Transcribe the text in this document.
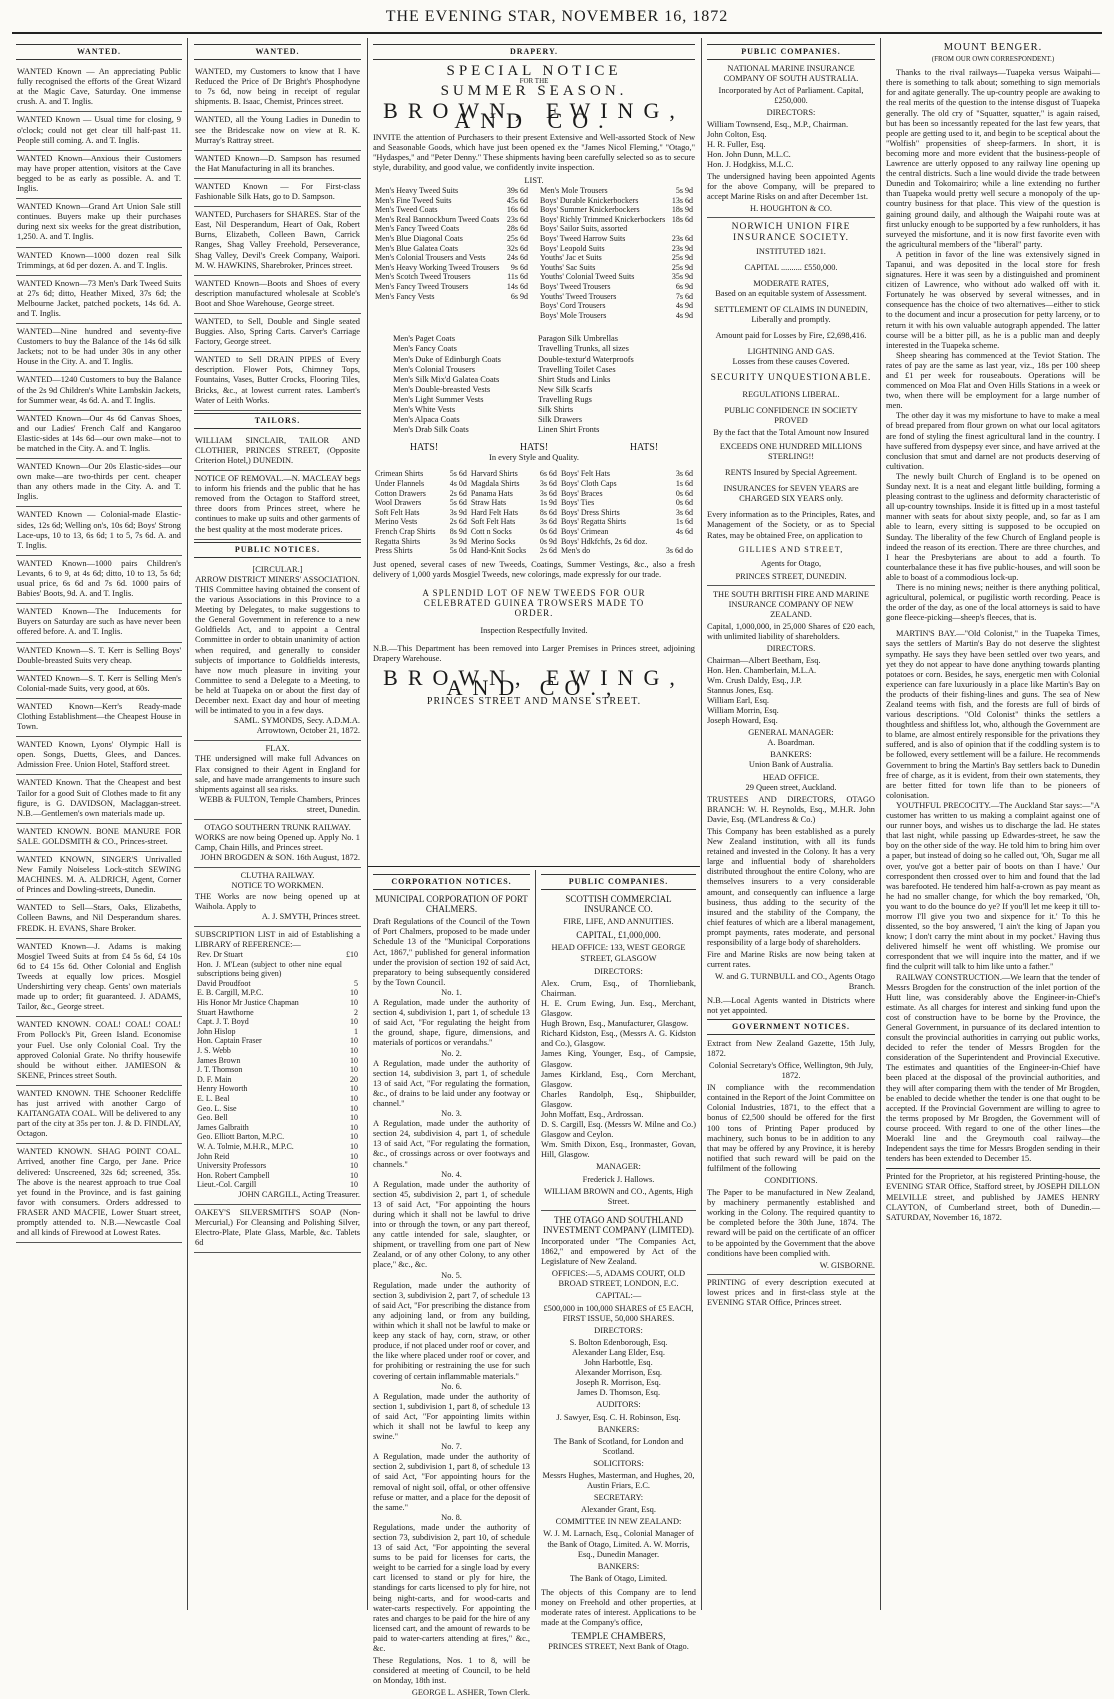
THE EVENING STAR, NOVEMBER 16, 1872
WANTED.

WANTED Known — An appreciating Public fully recognised the efforts of the Great Wizard at the Magic Cave, Saturday. One immense crush. A. and T. Inglis.

WANTED Known — Usual time for closing, 9 o'clock; could not get clear till half-past 11. People still coming. A. and T. Inglis.

WANTED Known—Anxious their Customers may have proper attention, visitors at the Cave begged to be as early as possible. A. and T. Inglis.

WANTED Known—Grand Art Union Sale still continues. Buyers make up their purchases during next six weeks for the great distribution, 1,250. A. and T. Inglis.

WANTED Known—1000 dozen real Silk Trimmings, at 6d per dozen. A. and T. Inglis.

WANTED Known—73 Men's Dark Tweed Suits at 27s 6d; ditto, Heather Mixed, 37s 6d; the Melbourne Jacket, patched pockets, 14s 6d. A. and T. Inglis.

WANTED—Nine hundred and seventy-five Customers to buy the Balance of the 14s 6d silk Jackets; not to be had under 30s in any other House in the City. A. and T. Inglis.

WANTED—1240 Customers to buy the Balance of the 2s 9d Children's White Lambskin Jackets, for Summer wear, 4s 6d. A. and T. Inglis.

WANTED Known—Our 4s 6d Canvas Shoes, and our Ladies' French Calf and Kangaroo Elastic-sides at 14s 6d—our own make—not to be matched in the City. A. and T. Inglis.

WANTED Known—Our 20s Elastic-sides—our own make—are two-thirds per cent. cheaper than any others made in the City. A. and T. Inglis.

WANTED Known — Colonial-made Elastic-sides, 12s 6d; Welling on's, 10s 6d; Boys' Strong Lace-ups, 10 to 13, 6s 6d; 1 to 5, 7s 6d. A. and T. Inglis.

WANTED Known—1000 pairs Children's Levants, 6 to 9, at 4s 6d; ditto, 10 to 13, 5s 6d; usual price, 6s 6d and 7s 6d. 1000 pairs of Babies' Boots, 9d. A. and T. Inglis.

WANTED Known—The Inducements for Buyers on Saturday are such as have never been offered before. A. and T. Inglis.

WANTED Known—S. T. Kerr is Selling Boys' Double-breasted Suits very cheap.

WANTED Known—S. T. Kerr is Selling Men's Colonial-made Suits, very good, at 60s.

WANTED Known—Kerr's Ready-made Clothing Establishment—the Cheapest House in Town.

WANTED Known, Lyons' Olympic Hall is open. Songs, Duetts, Glees, and Dances. Admission Free. Union Hotel, Stafford street.

WANTED Known. That the Cheapest and best Tailor for a good Suit of Clothes made to fit any figure, is G. DAVIDSON, Maclaggan-street. N.B.—Gentlemen's own materials made up.

WANTED KNOWN. BONE MANURE FOR SALE. GOLDSMITH & CO., Princes-street.

WANTED KNOWN, SINGER'S Unrivalled New Family Noiseless Lock-stitch SEWING MACHINES. M. A. ALDRICH, Agent, Corner of Princes and Dowling-streets, Dunedin.

WANTED to Sell—Stars, Oaks, Elizabeths, Colleen Bawns, and Nil Desperandum shares. FREDK. H. EVANS, Share Broker.

WANTED Known—J. Adams is making Mosgiel Tweed Suits at from £4 5s 6d, £4 10s 6d to £4 15s 6d. Other Colonial and English Tweeds at equally low prices. Mosgiel Undershirting very cheap. Gents' own materials made up to order; fit guaranteed. J. ADAMS, Tailor, &c., George street.

WANTED KNOWN. COAL! COAL! COAL! From Pollock's Pit, Green Island. Economise your Fuel. Use only Colonial Coal. Try the approved Colonial Grate. No thrifty housewife should be without either. JAMIESON & SKENE, Princes street South.

WANTED KNOWN. THE Schooner Redcliffe has just arrived with another Cargo of KAITANGATA COAL. Will be delivered to any part of the city at 35s per ton. J. & D. FINDLAY, Octagon.

WANTED KNOWN. SHAG POINT COAL. Arrived, another fine Cargo, per Jane. Price delivered: Unscreened, 32s 6d; screened, 35s. The above is the nearest approach to true Coal yet found in the Province, and is fast gaining favor with consumers. Orders addressed to FRASER AND MACFIE, Lower Stuart street, promptly attended to. N.B.—Newcastle Coal and all kinds of Firewood at Lowest Rates.

WANTED.

WANTED, my Customers to know that I have Reduced the Price of Dr Bright's Phosphodyne to 7s 6d, now being in receipt of regular shipments. B. Isaac, Chemist, Princes street.

WANTED, all the Young Ladies in Dunedin to see the Bridescake now on view at R. K. Murray's Rattray street.

WANTED Known—D. Sampson has resumed the Hat Manufacturing in all its branches.

WANTED Known — For First-class Fashionable Silk Hats, go to D. Sampson.

WANTED, Purchasers for SHARES. Star of the East, Nil Desperandum, Heart of Oak, Robert Burns, Elizabeth, Colleen Bawn, Carrick Ranges, Shag Valley Freehold, Perseverance, Shag Valley, Devil's Creek Company, Waipori. M. W. HAWKINS, Sharebroker, Princes street.

WANTED Known—Boots and Shoes of every description manufactured wholesale at Scoble's Boot and Shoe Warehouse, George street.

WANTED, to Sell, Double and Single seated Buggies. Also, Spring Carts. Carver's Carriage Factory, George street.

WANTED to Sell DRAIN PIPES of Every description. Flower Pots, Chimney Tops, Fountains, Vases, Butter Crocks, Flooring Tiles, Bricks, &c., at lowest current rates. Lambert's Water of Leith Works.

TAILORS.

WILLIAM SINCLAIR, TAILOR AND CLOTHIER, PRINCES STREET, (Opposite Criterion Hotel,) DUNEDIN.

NOTICE OF REMOVAL.—N. MACLEAY begs to inform his friends and the public that he has removed from the Octagon to Stafford street, three doors from Princes street, where he continues to make up suits and other garments of the best quality at the most moderate prices.

PUBLIC NOTICES.

[CIRCULAR.]

ARROW DISTRICT MINERS' ASSOCIATION.

THIS Committee having obtained the consent of the various Associations in this Province to a Meeting by Delegates, to make suggestions to the General Government in reference to a new Goldfields Act, and to appoint a Central Committee in order to obtain unanimity of action when required, and generally to consider subjects of importance to Goldfields interests, have now much pleasure in inviting your Committee to send a Delegate to a Meeting, to be held at Tuapeka on or about the first day of December next. Exact day and hour of meeting will be intimated to you in a few days.

SAML. SYMONDS, Secy. A.D.M.A. Arrowtown, October 21, 1872.

FLAX.

THE undersigned will make full Advances on Flax consigned to their Agent in England for sale, and have made arrangements to insure such shipments against all sea risks.

WEBB & FULTON, Temple Chambers, Princes street, Dunedin.

OTAGO SOUTHERN TRUNK RAILWAY.

WORKS are now being Opened up. Apply No. 1 Camp, Chain Hills, and Princes street.

JOHN BROGDEN & SON. 16th August, 1872.

CLUTHA RAILWAY.

NOTICE TO WORKMEN.

THE Works are now being opened up at Waihola. Apply to

A. J. SMYTH, Princes street.

SUBSCRIPTION LIST in aid of Establishing a LIBRARY of REFERENCE:—

Rev. Dr Stuart	£10
Hon. J. M'Lean (subject to other nine equal subscriptions being given)	
David Proudfoot	5
E. B. Cargill, M.P.C.	10
His Honor Mr Justice Chapman	10
Stuart Hawthorne	2
Capt. J. T. Boyd	10
John Hislop	1
Hon. Captain Fraser	10
J. S. Webb	10
James Brown	10
J. T. Thomson	10
D. F. Main	20
Henry Howorth	10
E. L. Beal	10
Geo. L. Sise	10
Geo. Bell	10
James Galbraith	10
Geo. Elliott Barton, M.P.C.	10
W. A. Tolmie, M.H.R., M.P.C.	10
John Reid	10
University Professors	10
Hon. Robert Campbell	10
Lieut.-Col. Cargill	10

JOHN CARGILL, Acting Treasurer.

OAKEY'S SILVERSMITH'S SOAP (Non-Mercurial,) For Cleansing and Polishing Silver, Electro-Plate, Plate Glass, Marble, &c. Tablets 6d

DRAPERY.
SPECIAL NOTICE
FOR THE
SUMMER SEASON.
BROWN, EWING, AND CO.

INVITE the attention of Purchasers to their present Extensive and Well-assorted Stock of New and Seasonable Goods, which have just been opened ex the "James Nicol Fleming," "Otago," "Hydaspes," and "Peter Denny." These shipments having been carefully selected so as to secure style, durability, and good value, we confidently invite inspection.

LIST.
Men's Heavy Tweed Suits	39s 6d
Men's Fine Tweed Suits	45s 6d
Men's Tweed Coats	16s 6d
Men's Real Bannockburn Tweed Coats	23s 6d
Men's Fancy Tweed Coats	28s 6d
Men's Blue Diagonal Coats	25s 6d
Men's Blue Galatea Coats	32s 6d
Men's Colonial Trousers and Vests	24s 6d
Men's Heavy Working Tweed Trousers	9s 6d
Men's Scotch Tweed Trousers	11s 6d
Men's Fancy Tweed Trousers	14s 6d
Men's Fancy Vests	6s 9d
Men's Mole Trousers	5s 9d
Boys' Durable Knickerbockers	13s 6d
Boys' Summer Knickerbockers	18s 9d
Boys' Richly Trimmed Knickerbockers	18s 6d
Boys' Sailor Suits, assorted	
Boys' Tweed Harrow Suits	23s 6d
Boys' Leopold Suits	23s 9d
Youths' Jac et Suits	25s 9d
Youths' Sac Suits	25s 9d
Youths' Colonial Tweed Suits	35s 9d
Boys' Tweed Trousers	6s 9d
Youths' Tweed Trousers	7s 6d
Boys' Cord Trousers	4s 9d
Boys' Mole Trousers	4s 9d
Men's Paget Coats
Men's Fancy Coats
Men's Duke of Edinburgh Coats
Men's Colonial Trousers
Men's Silk Mix'd Galatea Coats
Men's Double-breasted Vests
Men's Light Summer Vests
Men's White Vests
Men's Alpaca Coats
Men's Drab Silk Coats
Paragon Silk Umbrellas
Travelling Trunks, all sizes
Double-textur'd Waterproofs
Travelling Toilet Cases
Shirt Studs and Links
New Silk Scarfs
Travelling Rugs
Silk Shirts
Silk Drawers
Linen Shirt Fronts
HATS!	HATS!	HATS!
In every Style and Quality.
Crimean Shirts	5s 6d	Harvard Shirts	6s 6d	Boys' Felt Hats	3s 6d
Under Flannels	4s 0d	Magdala Shirts	3s 6d	Boys' Cloth Caps	1s 6d
Cotton Drawers	2s 6d	Panama Hats	3s 6d	Boys' Braces	0s 6d
Wool Drawers	5s 6d	Straw Hats	1s 9d	Boys' Ties	0s 6d
Soft Felt Hats	3s 9d	Hard Felt Hats	8s 6d	Boys' Dress Shirts	3s 6d
Merino Vests	2s 6d	Soft Felt Hats	3s 6d	Boys' Regatta Shirts	1s 6d
French Crap Shirts	8s 9d	Cott n Socks	0s 6d	Boys' Crimean	4s 6d
Regatta Shirts	3s 9d	Merino Socks	0s 9d	Boys' Hdkfchfs, 2s 6d doz.	
Press Shirts	5s 0d	Hand-Knit Socks	2s 6d	Men's do	3s 6d do

Just opened, several cases of new Tweeds, Coatings, Summer Vestings, &c., also a fresh delivery of 1,000 yards Mosgiel Tweeds, new colorings, made expressly for our trade.

A SPLENDID LOT OF NEW TWEEDS FOR OUR CELEBRATED GUINEA TROWSERS MADE TO ORDER.

Inspection Respectfully Invited.

N.B.—This Department has been removed into Larger Premises in Princes street, adjoining Drapery Warehouse.

BROWN, EWING, AND CO.,
PRINCES STREET AND MANSE STREET.
CORPORATION NOTICES.

MUNICIPAL CORPORATION OF PORT CHALMERS.

Draft Regulations of the Council of the Town of Port Chalmers, proposed to be made under Schedule 13 of the "Municipal Corporations Act, 1867," published for general information under the provision of section 192 of said Act, preparatory to being subsequently considered by the Town Council.

No. 1.

A Regulation, made under the authority of section 4, subdivision 1, part 1, of schedule 13 of said Act, "For regulating the height from the ground, shape, figure, dimensions, and materials of porticos or verandahs."

No. 2.

A Regulation, made under the authority of section 14, subdivision 3, part 1, of schedule 13 of said Act, "For regulating the formation, &c., of drains to be laid under any footway or channel."

No. 3.

A Regulation, made under the authority of section 24, subdivision 4, part 1, of schedule 13 of said Act, "For regulating the formation, &c., of crossings across or over footways and channels."

No. 4.

A Regulation, made under the authority of section 45, subdivision 2, part 1, of schedule 13 of said Act, "For appointing the hours during which it shall not be lawful to drive into or through the town, or any part thereof, any cattle intended for sale, slaughter, or shipment, or travelling from one part of New Zealand, or of any other Colony, to any other place," &c., &c.

No. 5.

Regulation, made under the authority of section 3, subdivision 2, part 7, of schedule 13 of said Act, "For prescribing the distance from any adjoining land, or from any building, within which it shall not be lawful to make or keep any stack of hay, corn, straw, or other produce, if not placed under roof or cover, and the like where placed under roof or cover, and for prohibiting or restraining the use for such covering of certain inflammable materials."

No. 6.

A Regulation, made under the authority of section 1, subdivision 1, part 8, of schedule 13 of said Act, "For appointing limits within which it shall not be lawful to keep any swine."

No. 7.

A Regulation, made under the authority of section 2, subdivision 1, part 8, of schedule 13 of said Act, "For appointing hours for the removal of night soil, offal, or other offensive refuse or matter, and a place for the deposit of the same."

No. 8.

Regulations, made under the authority of section 73, subdivision 2, part 10, of schedule 13 of said Act, "For appointing the several sums to be paid for licenses for carts, the weight to be carried for a single load by every cart licensed to stand or ply for hire, the standings for carts licensed to ply for hire, not being night-carts, and for wood-carts and water-carts respectively. For appointing the rates and charges to be paid for the hire of any licensed cart, and the amount of rewards to be paid to water-carters attending at fires," &c., &c.

These Regulations, Nos. 1 to 8, will be considered at meeting of Council, to be held on Monday, 18th inst.

GEORGE L. ASHER, Town Clerk.

PUBLIC COMPANIES.

SCOTTISH COMMERCIAL INSURANCE CO.

FIRE, LIFE, AND ANNUITIES.

CAPITAL, £1,000,000.

HEAD OFFICE: 133, WEST GEORGE STREET, GLASGOW

DIRECTORS:

Alex. Crum, Esq., of Thornliebank, Chairman.
H. E. Crum Ewing, Jun. Esq., Merchant, Glasgow.
Hugh Brown, Esq., Manufacturer, Glasgow.
Richard Kidston, Esq., (Messrs A. G. Kidston and Co.), Glasgow.
James King, Younger, Esq., of Campsie, Glasgow.
James Kirkland, Esq., Corn Merchant, Glasgow.
Charles Randolph, Esq., Shipbuilder, Glasgow.
John Moffatt, Esq., Ardrossan.
D. S. Cargill, Esq. (Messrs W. Milne and Co.) Glasgow and Ceylon.
Wm. Smith Dixon, Esq., Ironmaster, Govan, Hill, Glasgow.

MANAGER:

Frederick J. Hallows.

WILLIAM BROWN and CO., Agents, High Street.

THE OTAGO AND SOUTHLAND INVESTMENT COMPANY (LIMITED).

Incorporated under "The Companies Act, 1862," and empowered by Act of the Legislature of New Zealand.

OFFICES:—5, ADAMS COURT, OLD BROAD STREET, LONDON, E.C.

CAPITAL:—

£500,000 in 100,000 SHARES of £5 EACH, FIRST ISSUE, 50,000 SHARES.

DIRECTORS:

S. Bolton Edenborough, Esq.
Alexander Lang Elder, Esq.
John Harbottle, Esq.
Alexander Morrison, Esq.
Joseph R. Morrison, Esq.
James D. Thomson, Esq.

AUDITORS:

J. Sawyer, Esq. C. H. Robinson, Esq.

BANKERS:

The Bank of Scotland, for London and Scotland.

SOLICITORS:

Messrs Hughes, Masterman, and Hughes, 20, Austin Friars, E.C.

SECRETARY:

Alexander Grant, Esq.

COMMITTEE IN NEW ZEALAND:

W. J. M. Larnach, Esq., Colonial Manager of the Bank of Otago, Limited. A. W. Morris, Esq., Dunedin Manager.

BANKERS:

The Bank of Otago, Limited.

The objects of this Company are to lend money on Freehold and other properties, at moderate rates of interest. Applications to be made at the Company's office,

TEMPLE CHAMBERS,

PRINCES STREET, Next Bank of Otago.

PUBLIC COMPANIES.

NATIONAL MARINE INSURANCE COMPANY OF SOUTH AUSTRALIA.

Incorporated by Act of Parliament. Capital, £250,000.

DIRECTORS:

William Townsend, Esq., M.P., Chairman.
John Colton, Esq.
H. R. Fuller, Esq.
Hon. John Dunn, M.L.C.
Hon. J. Hodgkiss, M.L.C.

The undersigned having been appointed Agents for the above Company, will be prepared to accept Marine Risks on and after December 1st.

H. HOUGHTON & CO.

NORWICH UNION FIRE INSURANCE SOCIETY.

INSTITUTED 1821.

CAPITAL .......... £550,000.

MODERATE RATES,

Based on an equitable system of Assessment.

SETTLEMENT OF CLAIMS IN DUNEDIN, Liberally and promptly.

Amount paid for Losses by Fire, £2,698,416.

LIGHTNING AND GAS.

Losses from these causes Covered.

SECURITY UNQUESTIONABLE.

REGULATIONS LIBERAL.

PUBLIC CONFIDENCE IN SOCIETY PROVED

By the fact that the Total Amount now Insured

EXCEEDS ONE HUNDRED MILLIONS STERLING!!

RENTS Insured by Special Agreement.

INSURANCES for SEVEN YEARS are CHARGED SIX YEARS only.

Every information as to the Principles, Rates, and Management of the Society, or as to Special Rates, may be obtained Free, on application to

GILLIES AND STREET,

Agents for Otago,

PRINCES STREET, DUNEDIN.

THE SOUTH BRITISH FIRE AND MARINE INSURANCE COMPANY OF NEW ZEALAND.

Capital, 1,000,000, in 25,000 Shares of £20 each, with unlimited liability of shareholders.

DIRECTORS.

Chairman—Albert Beetham, Esq.
Hon. Hen. Chamberlain, M.L.A.
Wm. Crush Daldy, Esq., J.P.
Stannus Jones, Esq.
William Earl, Esq.
William Morrin, Esq.
Joseph Howard, Esq.

GENERAL MANAGER:

A. Boardman.

BANKERS:

Union Bank of Australia.

HEAD OFFICE.

29 Queen street, Auckland.

TRUSTEES AND DIRECTORS, OTAGO BRANCH: W. H. Reynolds, Esq., M.H.R. John Davie, Esq. (M'Landress & Co.)

This Company has been established as a purely New Zealand institution, with all its funds retained and invested in the Colony. It has a very large and influential body of shareholders distributed throughout the entire Colony, who are themselves insurers to a very considerable amount, and consequently can influence a large business, thus adding to the security of the insured and the stability of the Company, the chief features of which are a liberal management, prompt payments, rates moderate, and personal responsibility of a large body of shareholders.

Fire and Marine Risks are now being taken at current rates.

W. and G. TURNBULL and CO., Agents Otago Branch.

N.B.—Local Agents wanted in Districts where not yet appointed.

GOVERNMENT NOTICES.

Extract from New Zealand Gazette, 15th July, 1872.

Colonial Secretary's Office, Wellington, 9th July, 1872.

IN compliance with the recommendation contained in the Report of the Joint Committee on Colonial Industries, 1871, to the effect that a bonus of £2,500 should be offered for the first 100 tons of Printing Paper produced by machinery, such bonus to be in addition to any that may be offered by any Province, it is hereby notified that such reward will be paid on the fulfilment of the following

CONDITIONS.

The Paper to be manufactured in New Zealand, by machinery permanently established and working in the Colony. The required quantity to be completed before the 30th June, 1874. The reward will be paid on the certificate of an officer to be appointed by the Government that the above conditions have been complied with.

W. GISBORNE.

PRINTING of every description executed at lowest prices and in first-class style at the EVENING STAR Office, Princes street.

MOUNT BENGER.
(FROM OUR OWN CORRESPONDENT.)

Thanks to the rival railways—Tuapeka versus Waipahi—there is something to talk about; something to sign memorials for and agitate generally. The up-country people are awaking to the real merits of the question to the intense disgust of Tuapeka generally. The old cry of "Squatter, squatter," is again raised, but has been so incessantly repeated for the last few years, that people are getting used to it, and begin to be sceptical about the "Wolfish" propensities of sheep-farmers. In short, it is becoming more and more evident that the business-people of Lawrence are utterly opposed to any railway line opening up the central districts. Such a line would divide the trade between Dunedin and Tokomairiro; while a line extending no further than Tuapeka would pretty well secure a monopoly of the up-country business for that place. This view of the question is gaining ground daily, and although the Waipahi route was at first unlucky enough to be supported by a few runholders, it has surveyed the misfortune, and it is now first favorite even with the agricultural members of the "liberal" party.

A petition in favor of the line was extensively signed in Tapanui, and was deposited in the local store for fresh signatures. Here it was seen by a distinguished and prominent citizen of Lawrence, who without ado walked off with it. Fortunately he was observed by several witnesses, and in consequence has the choice of two alternatives—either to stick to the document and incur a prosecution for petty larceny, or to return it with his own valuable autograph appended. The latter course will be a bitter pill, as he is a public man and deeply interested in the Tuapeka scheme.

Sheep shearing has commenced at the Teviot Station. The rates of pay are the same as last year, viz., 18s per 100 sheep and £1 per week for rouseabouts. Operations will be commenced on Moa Flat and Oven Hills Stations in a week or two, when there will be employment for a large number of men.

The other day it was my misfortune to have to make a meal of bread prepared from flour grown on what our local agitators are fond of styling the finest agricultural land in the country. I have suffered from dyspepsy ever since, and have arrived at the conclusion that smut and darnel are not products deserving of cultivation.

The newly built Church of England is to be opened on Sunday next. It is a neat and elegant little building, forming a pleasing contrast to the ugliness and deformity characteristic of all up-country townships. Inside it is fitted up in a most tasteful manner with seats for about sixty people, and, so far as I am able to learn, every sitting is supposed to be occupied on Sunday. The liberality of the few Church of England people is indeed the reason of its erection. There are three churches, and I hear the Presbyterians are about to add a fourth. To counterbalance these it has five public-houses, and will soon be able to boast of a commodious lock-up.

There is no mining news; neither is there anything political, agricultural, polemical, or pugilistic worth recording. Peace is the order of the day, as one of the local attorneys is said to have gone fleece-picking—sheep's fleeces, that is.

MARTIN'S BAY.—"Old Colonist," in the Tuapeka Times, says the settlers of Martin's Bay do not deserve the slightest sympathy. He says they have been settled over two years, and yet they do not appear to have done anything towards planting potatoes or corn. Besides, he says, energetic men with Colonial experience can fare luxuriously in a place like Martin's Bay on the products of their fishing-lines and guns. The sea of New Zealand teems with fish, and the forests are full of birds of various descriptions. "Old Colonist" thinks the settlers a thoughtless and shiftless lot, who, although the Government are to blame, are almost entirely responsible for the privations they suffered, and is also of opinion that if the coddling system is to be followed, every settlement will be a failure. He recommends Government to bring the Martin's Bay settlers back to Dunedin free of charge, as it is evident, from their own statements, they are better fitted for town life than to be pioneers of colonisation.

YOUTHFUL PRECOCITY.—The Auckland Star says:—"A customer has written to us making a complaint against one of our runner boys, and wishes us to discharge the lad. He states that last night, while passing up Edwardes-street, he saw the boy on the other side of the way. He told him to bring him over a paper, but instead of doing so he called out, 'Oh, Sugar me all over, you've got a better pair of boots on than I have.' Our correspondent then crossed over to him and found that the lad was barefooted. He tendered him half-a-crown as pay meant as he had no smaller change, for which the boy remarked, 'Oh, you want to do the bounce do ye? If you'll let me keep it till to-morrow I'll give you two and sixpence for it.' To this he dissented, so the boy answered, 'I ain't the king of Japan you know; I don't carry the mint about in my pocket.' Having thus delivered himself he went off whistling. We promise our correspondent that we will inquire into the matter, and if we find the culprit will talk to him like unto a father."

RAILWAY CONSTRUCTION.—We learn that the tender of Messrs Brogden for the construction of the inlet portion of the Hutt line, was considerably above the Engineer-in-Chief's estimate. As all charges for interest and sinking fund upon the cost of construction have to be borne by the Province, the General Government, in pursuance of its declared intention to consult the provincial authorities in carrying out public works, decided to refer the tender of Messrs Brogden for the consideration of the Superintendent and Provincial Executive. The estimates and quantities of the Engineer-in-Chief have been placed at the disposal of the provincial authorities, and they will after comparing them with the tender of Mr Brogden, be enabled to decide whether the tender is one that ought to be accepted. If the Provincial Government are willing to agree to the terms proposed by Mr Brogden, the Government will of course proceed. With regard to one of the other lines—the Moerakl line and the Greymouth coal railway—the Independent says the time for Messrs Brogden sending in their tenders has been extended to December 15.

Printed for the Proprietor, at his registered Printing-house, the EVENING STAR Office, Stafford street, by JOSEPH DILLON MELVILLE street, and published by JAMES HENRY CLAYTON, of Cumberland street, both of Dunedin.—SATURDAY, November 16, 1872.
